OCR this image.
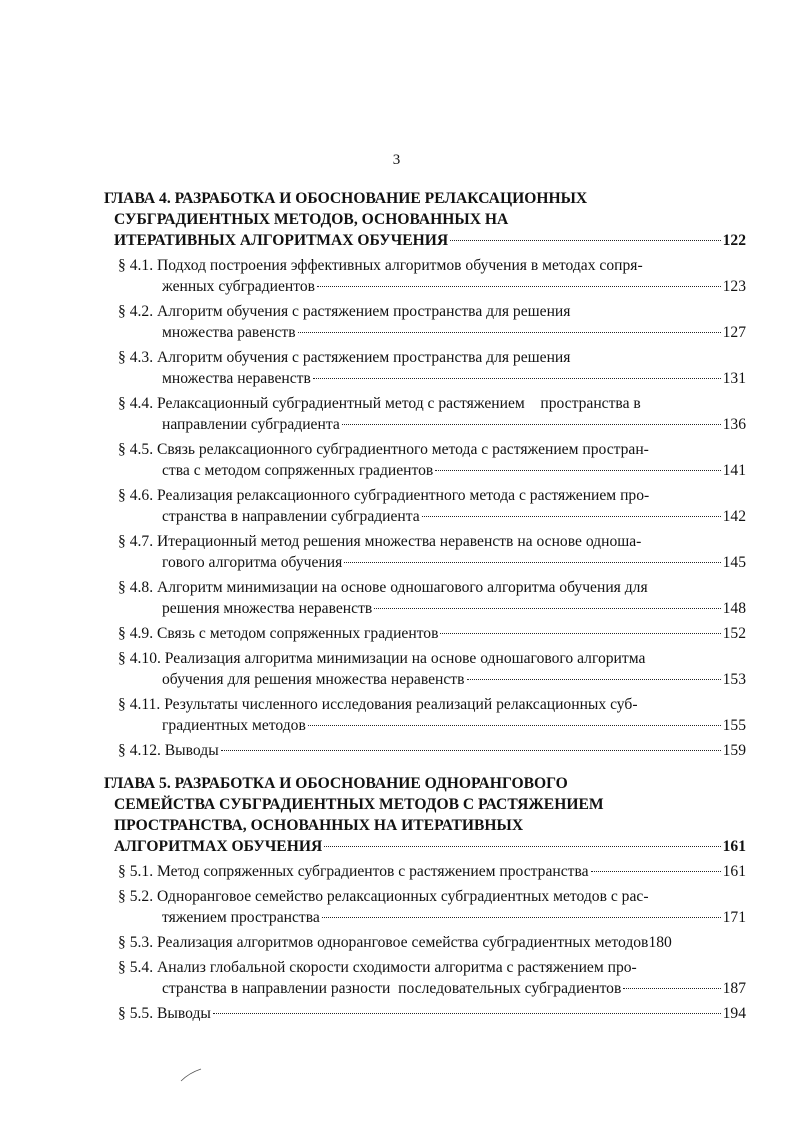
3
ГЛАВА 4. РАЗРАБОТКА И ОБОСНОВАНИЕ РЕЛАКСАЦИОННЫХ
СУБГРАДИЕНТНЫХ МЕТОДОВ, ОСНОВАННЫХ НА
ИТЕРАТИВНЫХ АЛГОРИТМАХ ОБУЧЕНИЯ	122
§ 4.1. Подход построения эффективных алгоритмов обучения в методах сопря-
женных субградиентов	123
§ 4.2. Алгоритм обучения с растяжением пространства для решения
множества равенств	127
§ 4.3. Алгоритм обучения с растяжением пространства для решения
множества неравенств	131
§ 4.4. Релаксационный субградиентный метод с растяжением    пространства в
направлении субградиента	136
§ 4.5. Связь релаксационного субградиентного метода с растяжением простран-
ства с методом сопряженных градиентов	141
§ 4.6. Реализация релаксационного субградиентного метода с растяжением про-
странства в направлении субградиента	142
§ 4.7. Итерационный метод решения множества неравенств на основе одноша-
гового алгоритма обучения	145
§ 4.8. Алгоритм минимизации на основе одношагового алгоритма обучения для
решения множества неравенств	148
§ 4.9. Связь с методом сопряженных градиентов	152
§ 4.10. Реализация алгоритма минимизации на основе одношагового алгоритма
обучения для решения множества неравенств	153
§ 4.11. Результаты численного исследования реализаций релаксационных суб-
градиентных методов	155
§ 4.12. Выводы	159
ГЛАВА 5. РАЗРАБОТКА И ОБОСНОВАНИЕ ОДНОРАНГОВОГО
СЕМЕЙСТВА СУБГРАДИЕНТНЫХ МЕТОДОВ С РАСТЯЖЕНИЕМ
ПРОСТРАНСТВА, ОСНОВАННЫХ НА ИТЕРАТИВНЫХ
АЛГОРИТМАХ ОБУЧЕНИЯ	161
§ 5.1. Метод сопряженных субградиентов с растяжением пространства	161
§ 5.2. Одноранговое семейство релаксационных субградиентных методов с рас-
тяжением пространства	171
§ 5.3. Реализация алгоритмов одноранговое семейства субградиентных методов 180
§ 5.4. Анализ глобальной скорости сходимости алгоритма с растяжением про-
странства в направлении разности  последовательных субградиентов	187
§ 5.5. Выводы	194
